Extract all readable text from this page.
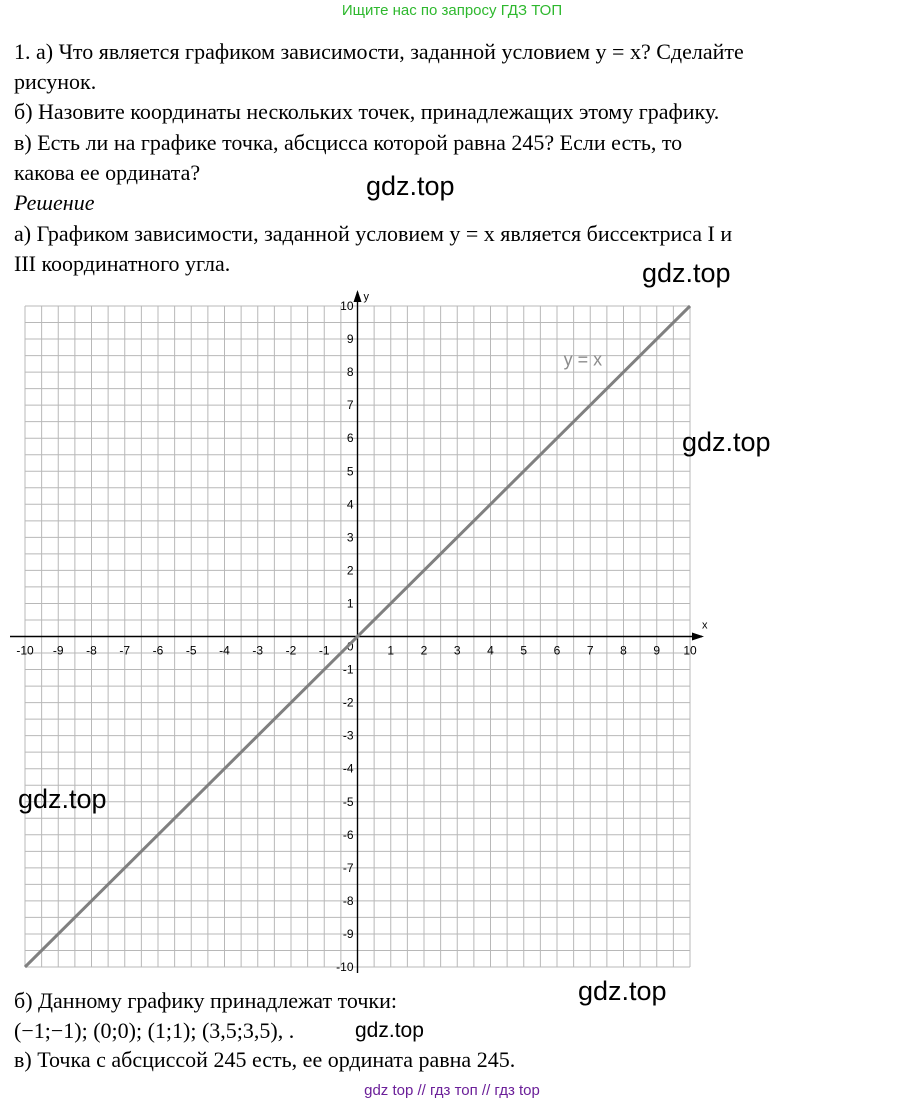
Ищите нас по запросу ГДЗ ТОП
1. а) Что является графиком зависимости, заданной условием y = x? Сделайте
рисунок.
б) Назовите координаты нескольких точек, принадлежащих этому графику.
в) Есть ли на графике точка, абсцисса которой равна 245? Если есть, то
какова ее ордината?
Решение
а) Графиком зависимости, заданной условием y = x является биссектриса I и
III координатного угла.
x
y
-10 -9 -8 -7 -6 -5 -4 -3 -2 -1	1 2 3 4 5 6 7 8 9 10
10
9
8
7
6
5
4
3
2
1
-1
-2
-3
-4
-5
-6
-7
-8
-9
-10
0
y = x
б) Данному графику принадлежат точки:
(−1;−1); (0;0); (1;1); (3,5;3,5), .
в) Точка с абсциссой 245 есть, ее ордината равна 245.
gdz.top
gdz.top
gdz.top
gdz.top
gdz.top
gdz.top
gdz top // гдз топ // гдз top
